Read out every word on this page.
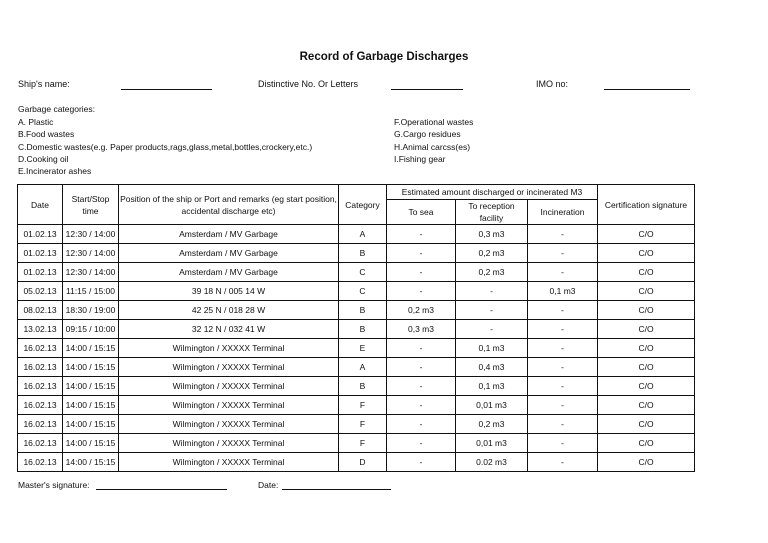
Record of Garbage Discharges
Ship's name:	Distinctive No. Or Letters	IMO no:
Garbage categories:
A. Plastic
B.Food wastes
C.Domestic wastes(e.g. Paper products,rags,glass,metal,bottles,crockery,etc.)
D.Cooking oil
E.Incinerator ashes
F.Operational wastes
G.Cargo residues
H.Animal carcss(es)
I.Fishing gear
Date	Start/Stop time	Position of the ship or Port and remarks (eg start position, accidental discharge etc)	Category	Estimated amount discharged or incinerated M3			Certification signature
				To sea	To reception facility	Incineration	
01.02.13	12:30 / 14:00	Amsterdam / MV Garbage	A	-	0,3 m3	-	C/O
01.02.13	12:30 / 14:00	Amsterdam / MV Garbage	B	-	0,2 m3	-	C/O
01.02.13	12:30 / 14:00	Amsterdam / MV Garbage	C	-	0,2 m3	-	C/O
05.02.13	11:15 / 15:00	39 18 N / 005 14 W	C	-	-	0,1 m3	C/O
08.02.13	18:30 / 19:00	42 25 N / 018 28 W	B	0,2 m3	-	-	C/O
13.02.13	09:15 / 10:00	32 12 N / 032 41 W	B	0,3 m3	-	-	C/O
16.02.13	14:00 / 15:15	Wilmington / XXXXX Terminal	E	-	0,1 m3	-	C/O
16.02.13	14:00 / 15:15	Wilmington / XXXXX Terminal	A	-	0,4 m3	-	C/O
16.02.13	14:00 / 15:15	Wilmington / XXXXX Terminal	B	-	0,1 m3	-	C/O
16.02.13	14:00 / 15:15	Wilmington / XXXXX Terminal	F	-	0,01 m3	-	C/O
16.02.13	14:00 / 15:15	Wilmington / XXXXX Terminal	F	-	0,2 m3	-	C/O
16.02.13	14:00 / 15:15	Wilmington / XXXXX Terminal	F	-	0,01 m3	-	C/O
16.02.13	14:00 / 15:15	Wilmington / XXXXX Terminal	D	-	0.02 m3	-	C/O
Master's signature:	Date:
